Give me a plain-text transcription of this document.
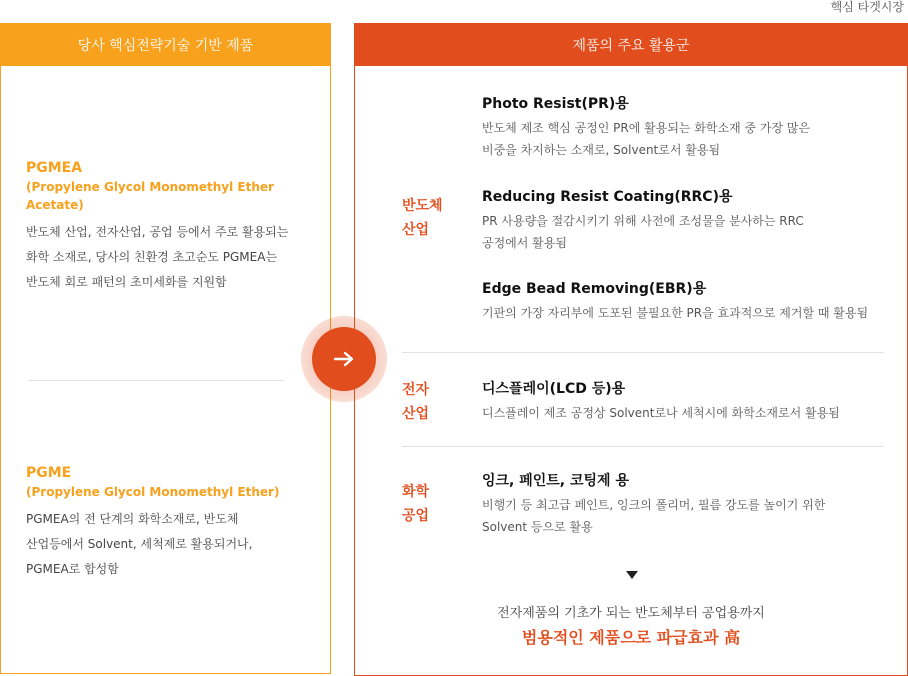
핵심 타겟시장
당사 핵심전략기술 기반 제품
PGMEA
(Propylene Glycol Monomethyl Ether Acetate)
반도체 산업, 전자산업, 공업 등에서 주로 활용되는
화학 소재로, 당사의 친환경 초고순도 PGMEA는
반도체 회로 패턴의 초미세화를 지원함
PGME
(Propylene Glycol Monomethyl Ether)
PGMEA의 전 단계의 화학소재로, 반도체
산업등에서 Solvent, 세척제로 활용되거나,
PGMEA로 합성함
제품의 주요 활용군
반도체
산업
Photo Resist(PR)용
반도체 제조 핵심 공정인 PR에 활용되는 화학소재 중 가장 많은
비중을 차지하는 소재로, Solvent로서 활용됨
Reducing Resist Coating(RRC)용
PR 사용량을 절감시키기 위해 사전에 조성물을 분사하는 RRC
공정에서 활용됨
Edge Bead Removing(EBR)용
기판의 가장 자리부에 도포된 불필요한 PR을 효과적으로 제거할 때 활용됨
전자
산업
디스플레이(LCD 등)용
디스플레이 제조 공정상 Solvent로나 세척시에 화학소재로서 활용됨
화학
공업
잉크, 페인트, 코팅제 용
비행기 등 최고급 페인트, 잉크의 폴리머, 필름 강도를 높이기 위한
Solvent 등으로 활용
전자제품의 기초가 되는 반도체부터 공업용까지
범용적인 제품으로 파급효과 高
